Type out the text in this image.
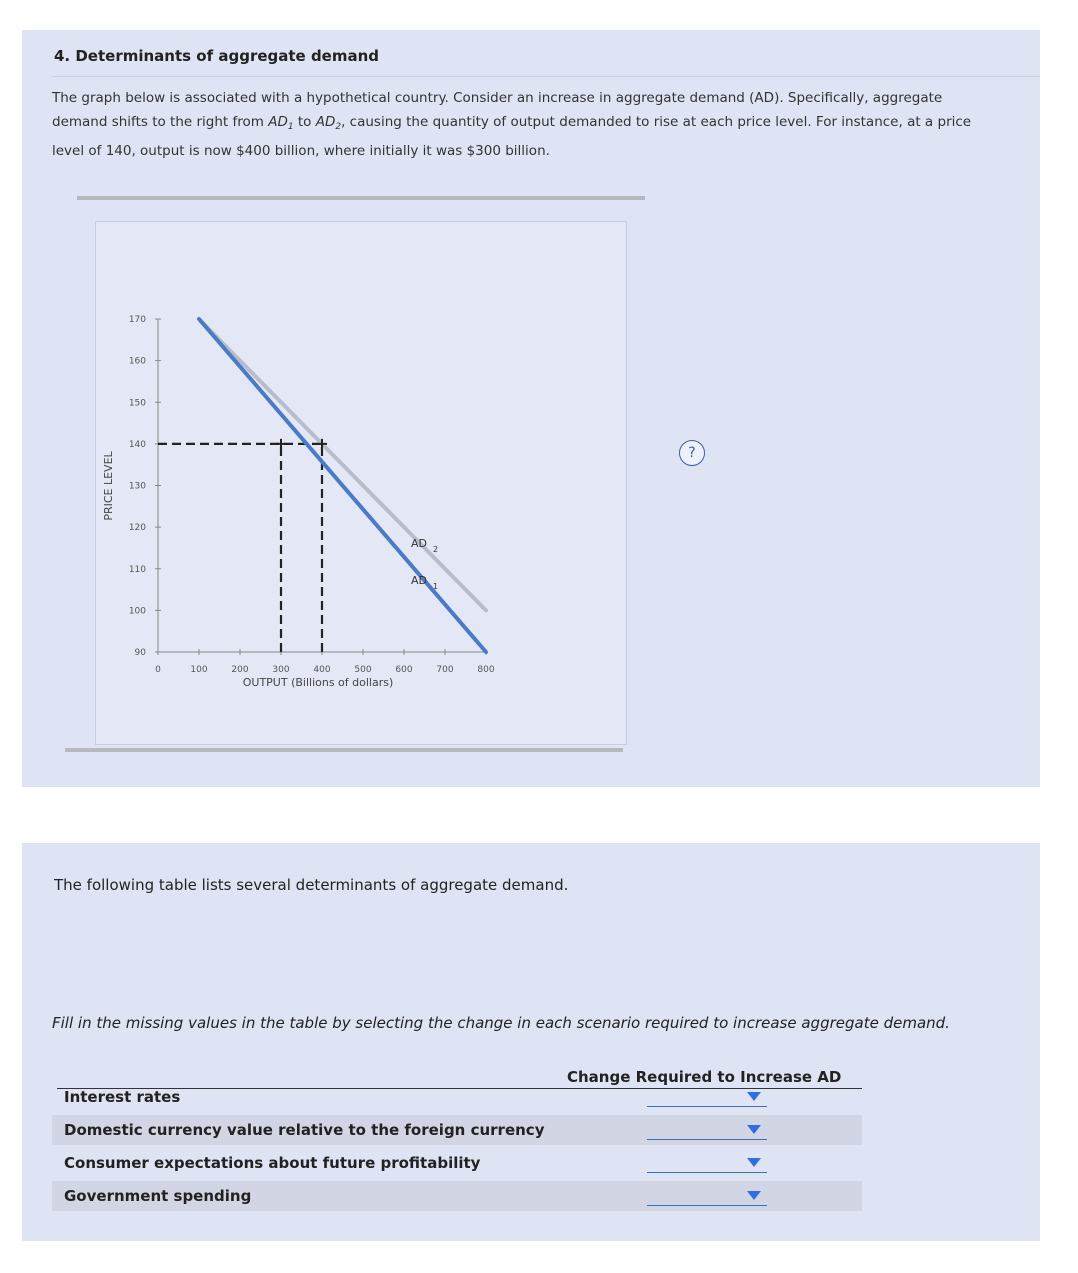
4. Determinants of aggregate demand
The graph below is associated with a hypothetical country. Consider an increase in aggregate demand (AD). Specifically, aggregate demand shifts to the right from $AD_1$ to $AD_2$, causing the quantity of output demanded to rise at each price level. For instance, at a price level of 140, output is now $400 billion, where initially it was $300 billion.
?
90
100
110
120
130
140
150
160
170
0	100	200	300	400	500	600	700	800
OUTPUT (Billions of dollars)
PRICE LEVEL
AD 1
AD 2
The following table lists several determinants of aggregate demand.
Fill in the missing values in the table by selecting the change in each scenario required to increase aggregate demand.
Change Required to Increase AD
Interest rates
Domestic currency value relative to the foreign currency
Consumer expectations about future profitability
Government spending
